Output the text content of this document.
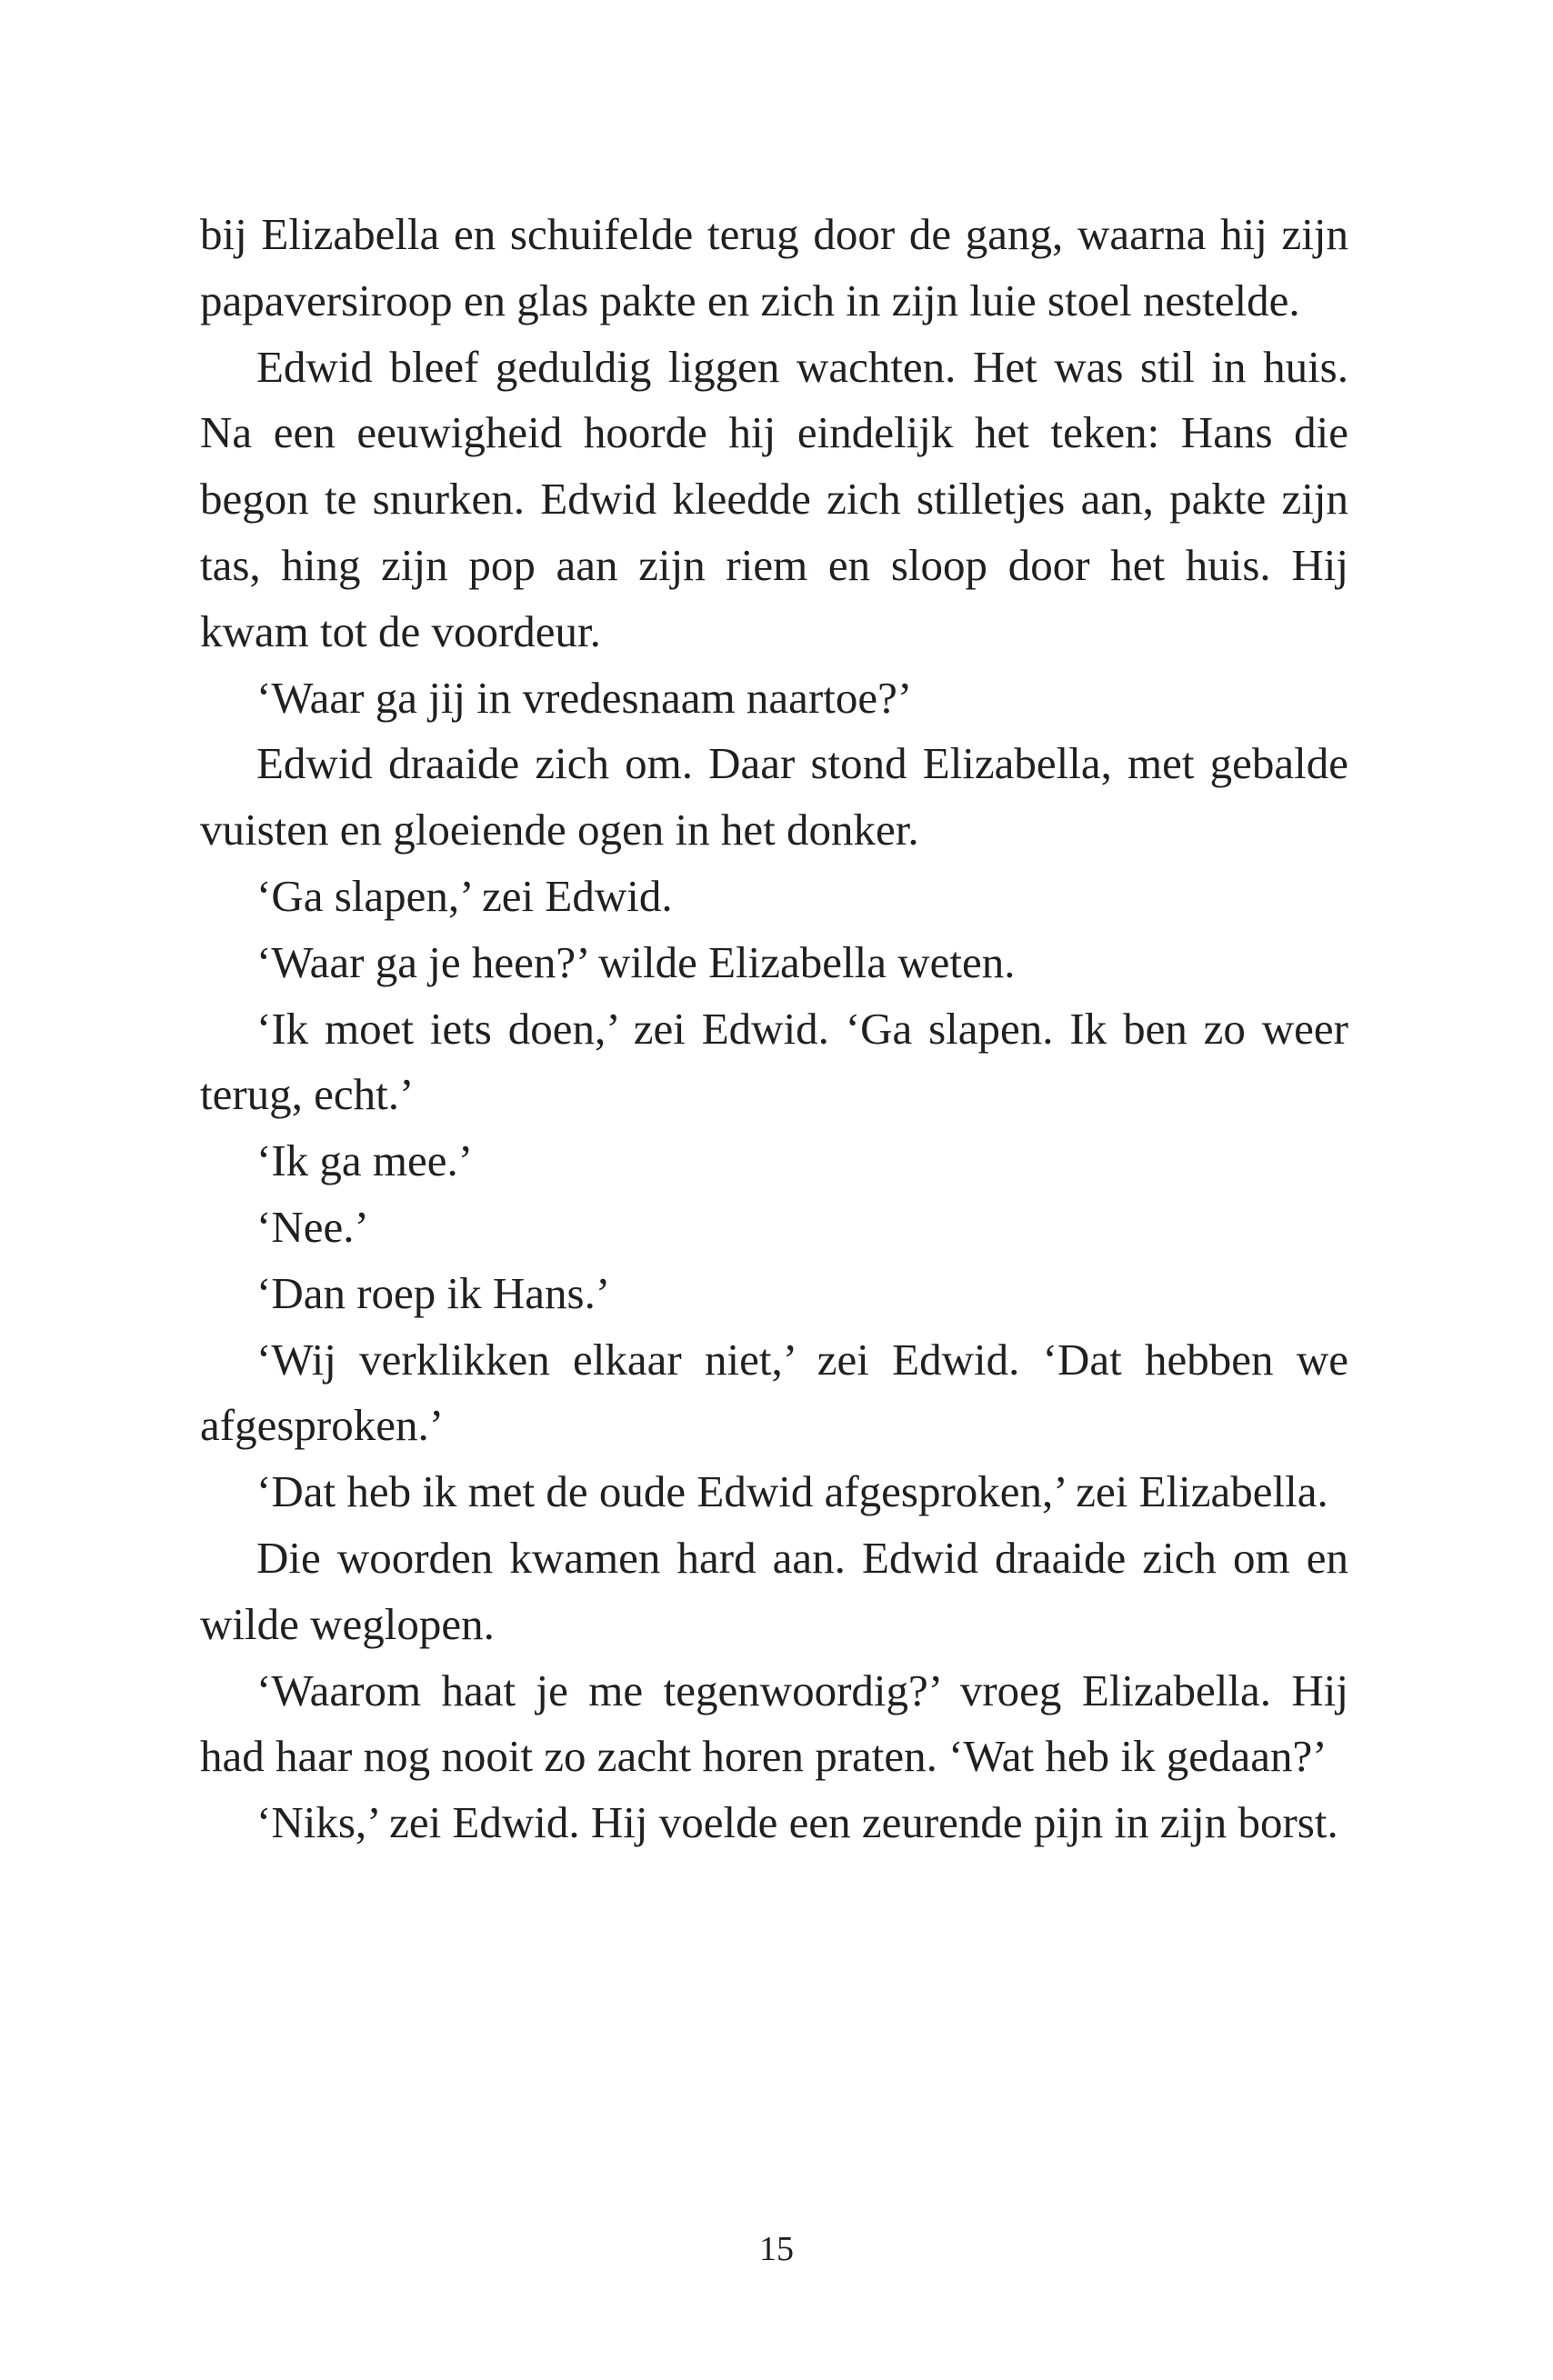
bij Elizabella en schuifelde terug door de gang, waarna hij zijn papaversiroop en glas pakte en zich in zijn luie stoel nestelde.

Edwid bleef geduldig liggen wachten. Het was stil in huis. Na een eeuwigheid hoorde hij eindelijk het teken: Hans die begon te snurken. Edwid kleedde zich stilletjes aan, pakte zijn tas, hing zijn pop aan zijn riem en sloop door het huis. Hij kwam tot de voordeur.

‘Waar ga jij in vredesnaam naartoe?’

Edwid draaide zich om. Daar stond Elizabella, met gebalde vuisten en gloeiende ogen in het donker.

‘Ga slapen,’ zei Edwid.

‘Waar ga je heen?’ wilde Elizabella weten.

‘Ik moet iets doen,’ zei Edwid. ‘Ga slapen. Ik ben zo weer terug, echt.’

‘Ik ga mee.’

‘Nee.’

‘Dan roep ik Hans.’

‘Wij verklikken elkaar niet,’ zei Edwid. ‘Dat hebben we afgesproken.’

‘Dat heb ik met de oude Edwid afgesproken,’ zei Elizabella.

Die woorden kwamen hard aan. Edwid draaide zich om en wilde weglopen.

‘Waarom haat je me tegenwoordig?’ vroeg Elizabella. Hij had haar nog nooit zo zacht horen praten. ‘Wat heb ik gedaan?’

‘Niks,’ zei Edwid. Hij voelde een zeurende pijn in zijn borst.

15
